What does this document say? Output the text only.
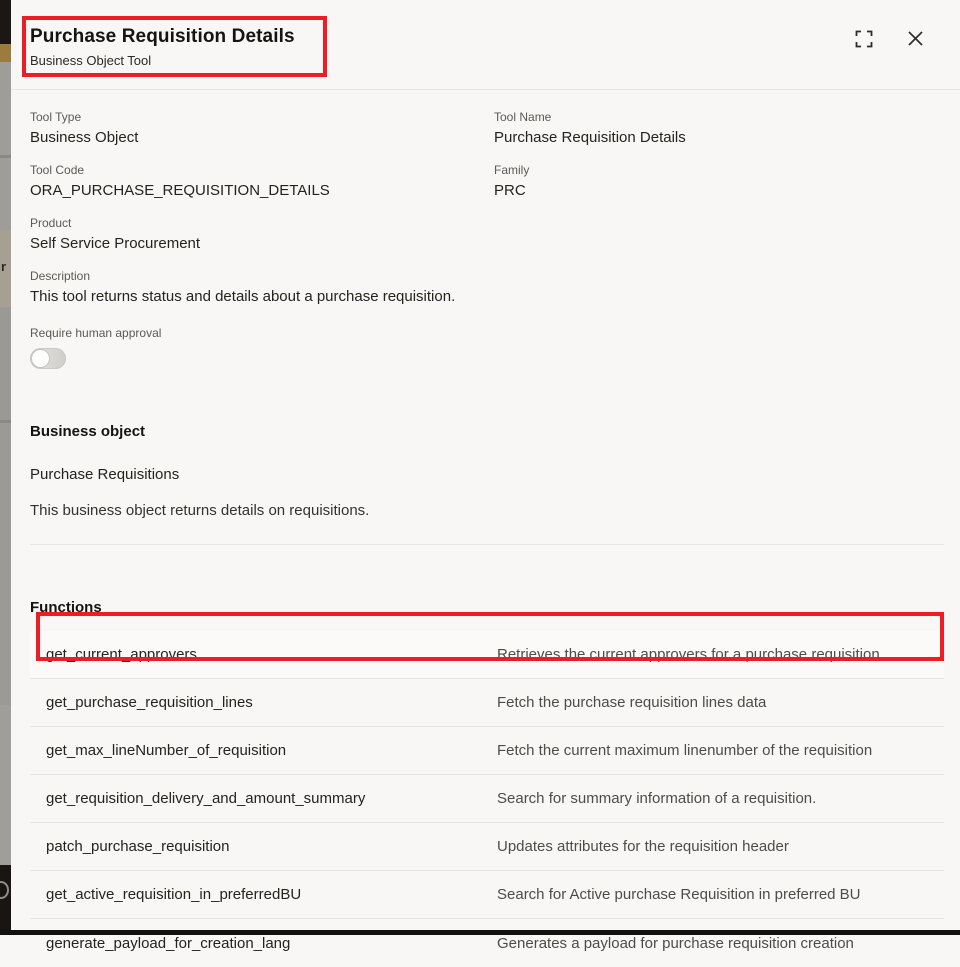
r
Purchase Requisition Details
Business Object Tool
Tool Type
Business Object
Tool Name
Purchase Requisition Details
Tool Code
ORA_PURCHASE_REQUISITION_DETAILS
Family
PRC
Product
Self Service Procurement
Description
This tool returns status and details about a purchase requisition.
Require human approval
Business object
Purchase Requisitions
This business object returns details on requisitions.
Functions
get_current_approvers	Retrieves the current approvers for a purchase requisition.
get_purchase_requisition_lines	Fetch the purchase requisition lines data
get_max_lineNumber_of_requisition	Fetch the current maximum linenumber of the requisition
get_requisition_delivery_and_amount_summary	Search for summary information of a requisition.
patch_purchase_requisition	Updates attributes for the requisition header
get_active_requisition_in_preferredBU	Search for Active purchase Requisition in preferred BU
generate_payload_for_creation_lang	Generates a payload for purchase requisition creation
